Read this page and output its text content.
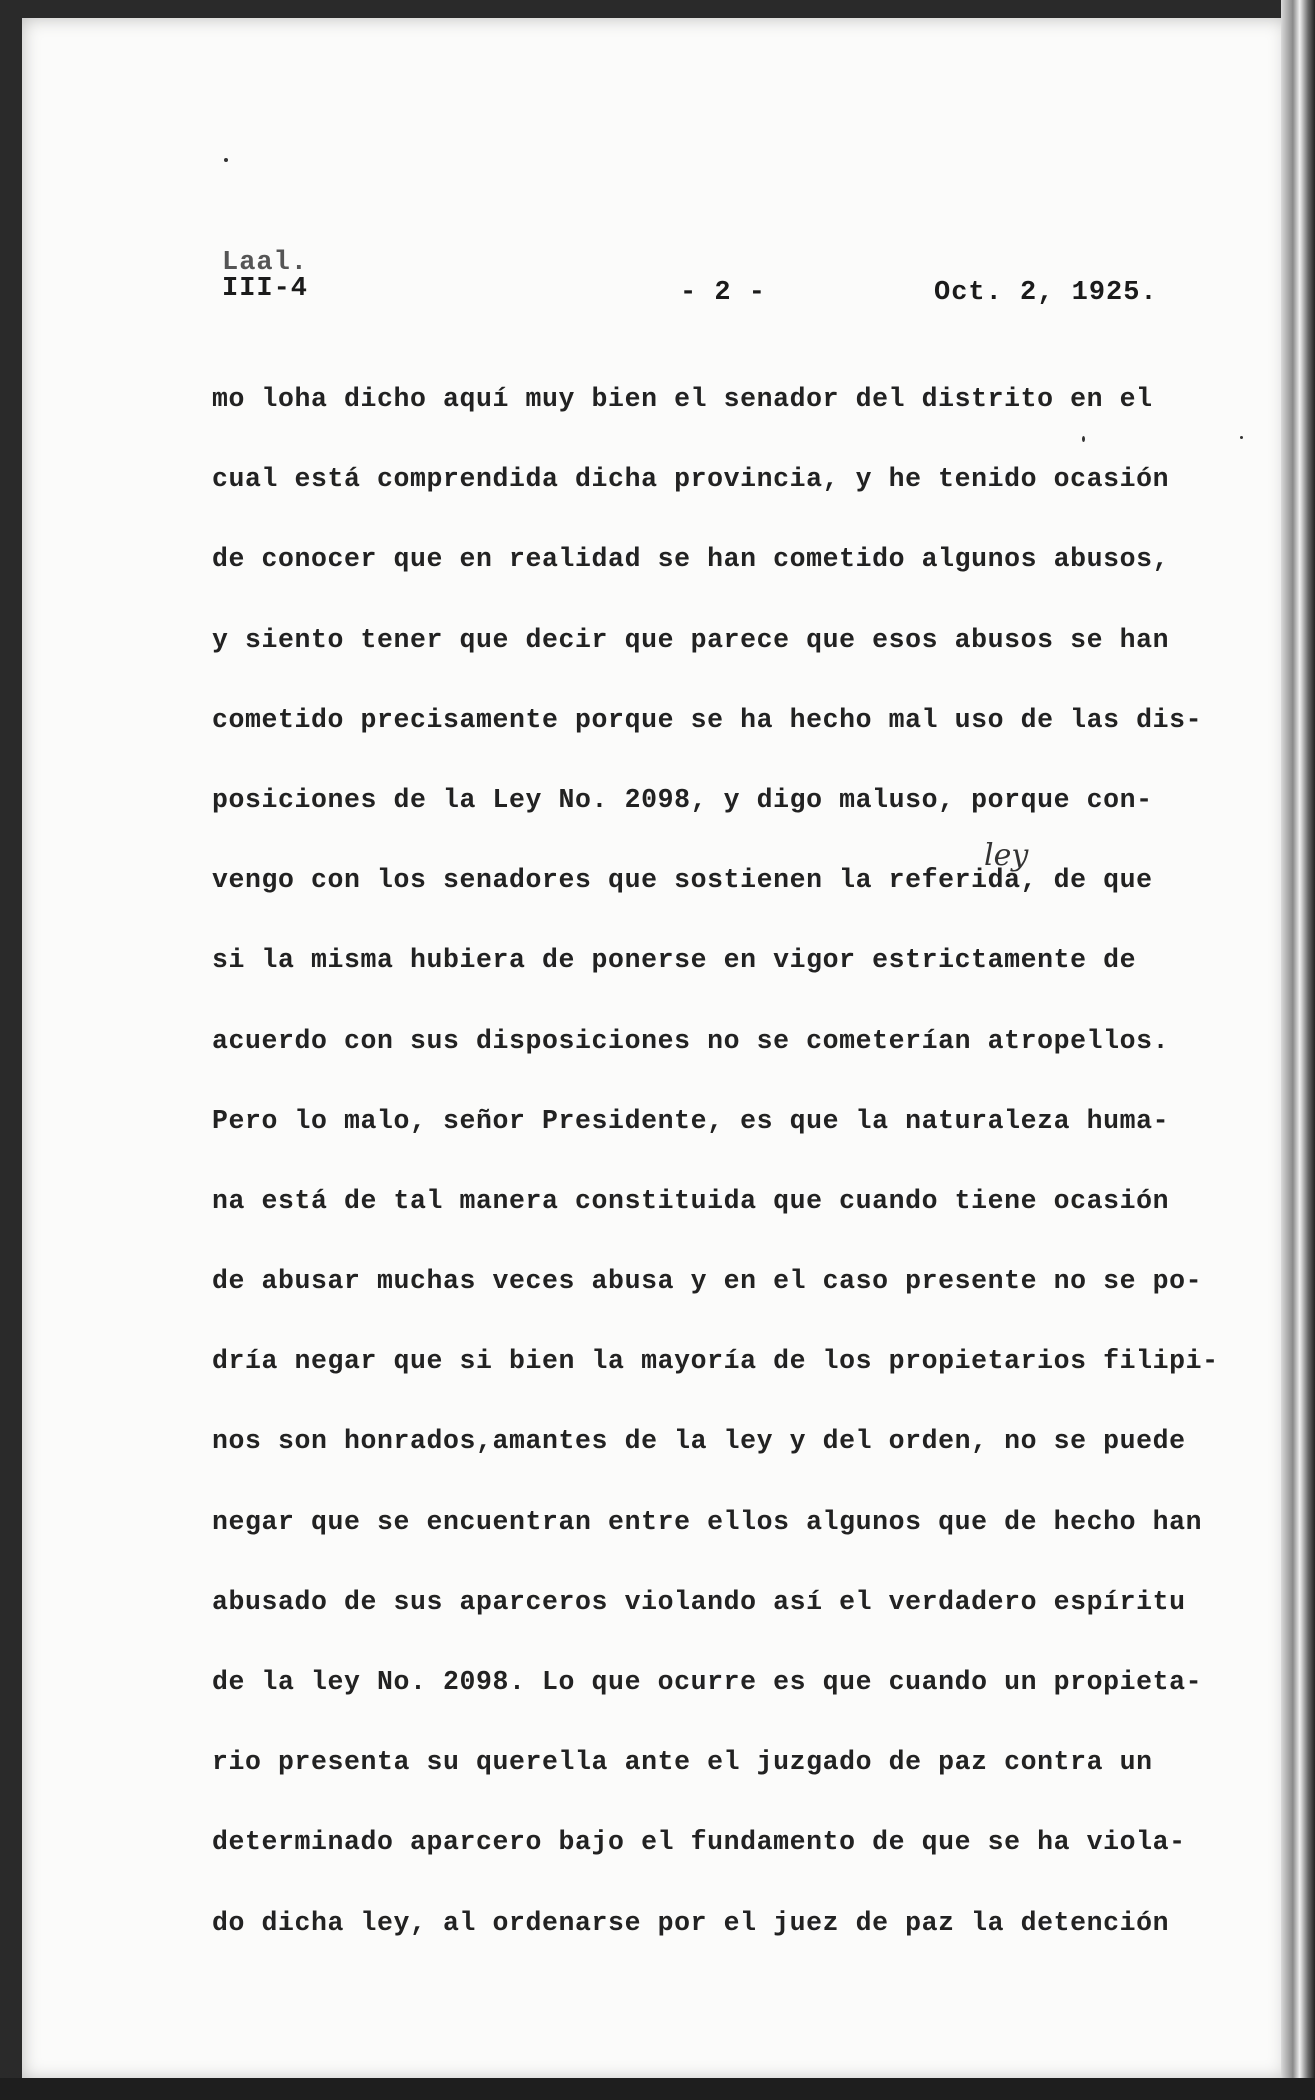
Laal.
III-4	- 2 -	Oct. 2, 1925.
ley
mo loha dicho aquí muy bien el senador del distrito en el
cual está comprendida dicha provincia, y he tenido ocasión
de conocer que en realidad se han cometido algunos abusos,
y siento tener que decir que parece que esos abusos se han
cometido precisamente porque se ha hecho mal uso de las dis-
posiciones de la Ley No. 2098, y digo maluso, porque con-
vengo con los senadores que sostienen la referida, de que
si la misma hubiera de ponerse en vigor estrictamente de
acuerdo con sus disposiciones no se cometerían atropellos.
Pero lo malo, señor Presidente, es que la naturaleza huma-
na está de tal manera constituida que cuando tiene ocasión
de abusar muchas veces abusa y en el caso presente no se po-
dría negar que si bien la mayoría de los propietarios filipi-
nos son honrados,amantes de la ley y del orden, no se puede
negar que se encuentran entre ellos algunos que de hecho han
abusado de sus aparceros violando así el verdadero espíritu
de la ley No. 2098. Lo que ocurre es que cuando un propieta-
rio presenta su querella ante el juzgado de paz contra un
determinado aparcero bajo el fundamento de que se ha viola-
do dicha ley, al ordenarse por el juez de paz la detención
